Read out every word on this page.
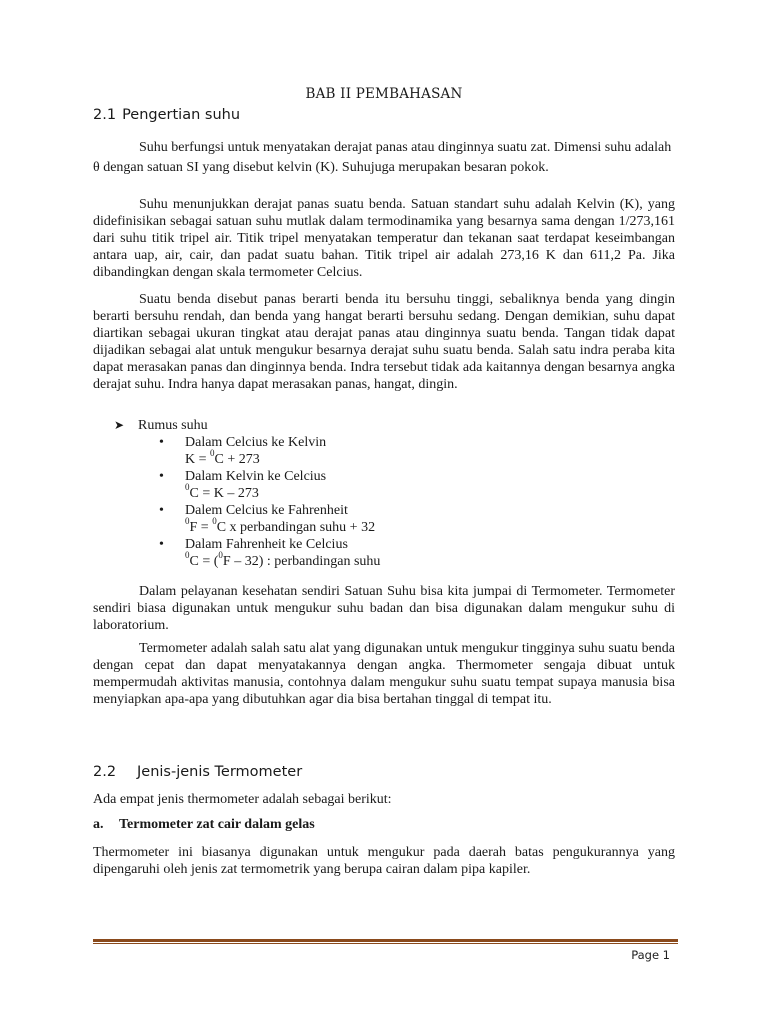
BAB II PEMBAHASAN
2.1 Pengertian suhu

Suhu berfungsi untuk menyatakan derajat panas atau dinginnya suatu zat. Dimensi suhu adalah θ dengan satuan SI yang disebut kelvin (K). Suhujuga merupakan besaran pokok.

Suhu menunjukkan derajat panas suatu benda. Satuan standart suhu adalah Kelvin (K), yang didefinisikan sebagai satuan suhu mutlak dalam termodinamika yang besarnya sama dengan 1/273,161 dari suhu titik tripel air. Titik tripel menyatakan temperatur dan tekanan saat terdapat keseimbangan antara uap, air, cair, dan padat suatu bahan. Titik tripel air adalah 273,16 K dan 611,2 Pa. Jika dibandingkan dengan skala termometer Celcius.

Suatu benda disebut panas berarti benda itu bersuhu tinggi, sebaliknya benda yang dingin berarti bersuhu rendah, dan benda yang hangat berarti bersuhu sedang. Dengan demikian, suhu dapat diartikan sebagai ukuran tingkat atau derajat panas atau dinginnya suatu benda. Tangan tidak dapat dijadikan sebagai alat untuk mengukur besarnya derajat suhu suatu benda. Salah satu indra peraba kita dapat merasakan panas dan dinginnya benda. Indra tersebut tidak ada kaitannya dengan besarnya angka derajat suhu. Indra hanya dapat merasakan panas, hangat, dingin.

➤ Rumus suhu
•	Dalam Celcius ke Kelvin
K = $^0$C + 273
•	Dalam Kelvin ke Celcius
$^0$C = K – 273
•	Dalem Celcius ke Fahrenheit
$^0$F = $^0$C x perbandingan suhu + 32
•	Dalam Fahrenheit ke Celcius
$^0$C = ($^0$F – 32) : perbandingan suhu

Dalam pelayanan kesehatan sendiri Satuan Suhu bisa kita jumpai di Termometer. Termometer sendiri biasa digunakan untuk mengukur suhu badan dan bisa digunakan dalam mengukur suhu di laboratorium.

Termometer adalah salah satu alat yang digunakan untuk mengukur tingginya suhu suatu benda dengan cepat dan dapat menyatakannya dengan angka. Thermometer sengaja dibuat untuk mempermudah aktivitas manusia, contohnya dalam mengukur suhu suatu tempat supaya manusia bisa menyiapkan apa-apa yang dibutuhkan agar dia bisa bertahan tinggal di tempat itu.

2.2 Jenis-jenis Termometer

Ada empat jenis thermometer adalah sebagai berikut:

a. Termometer zat cair dalam gelas

Thermometer ini biasanya digunakan untuk mengukur pada daerah batas pengukurannya yang dipengaruhi oleh jenis zat termometrik yang berupa cairan dalam pipa kapiler.

Page 1
